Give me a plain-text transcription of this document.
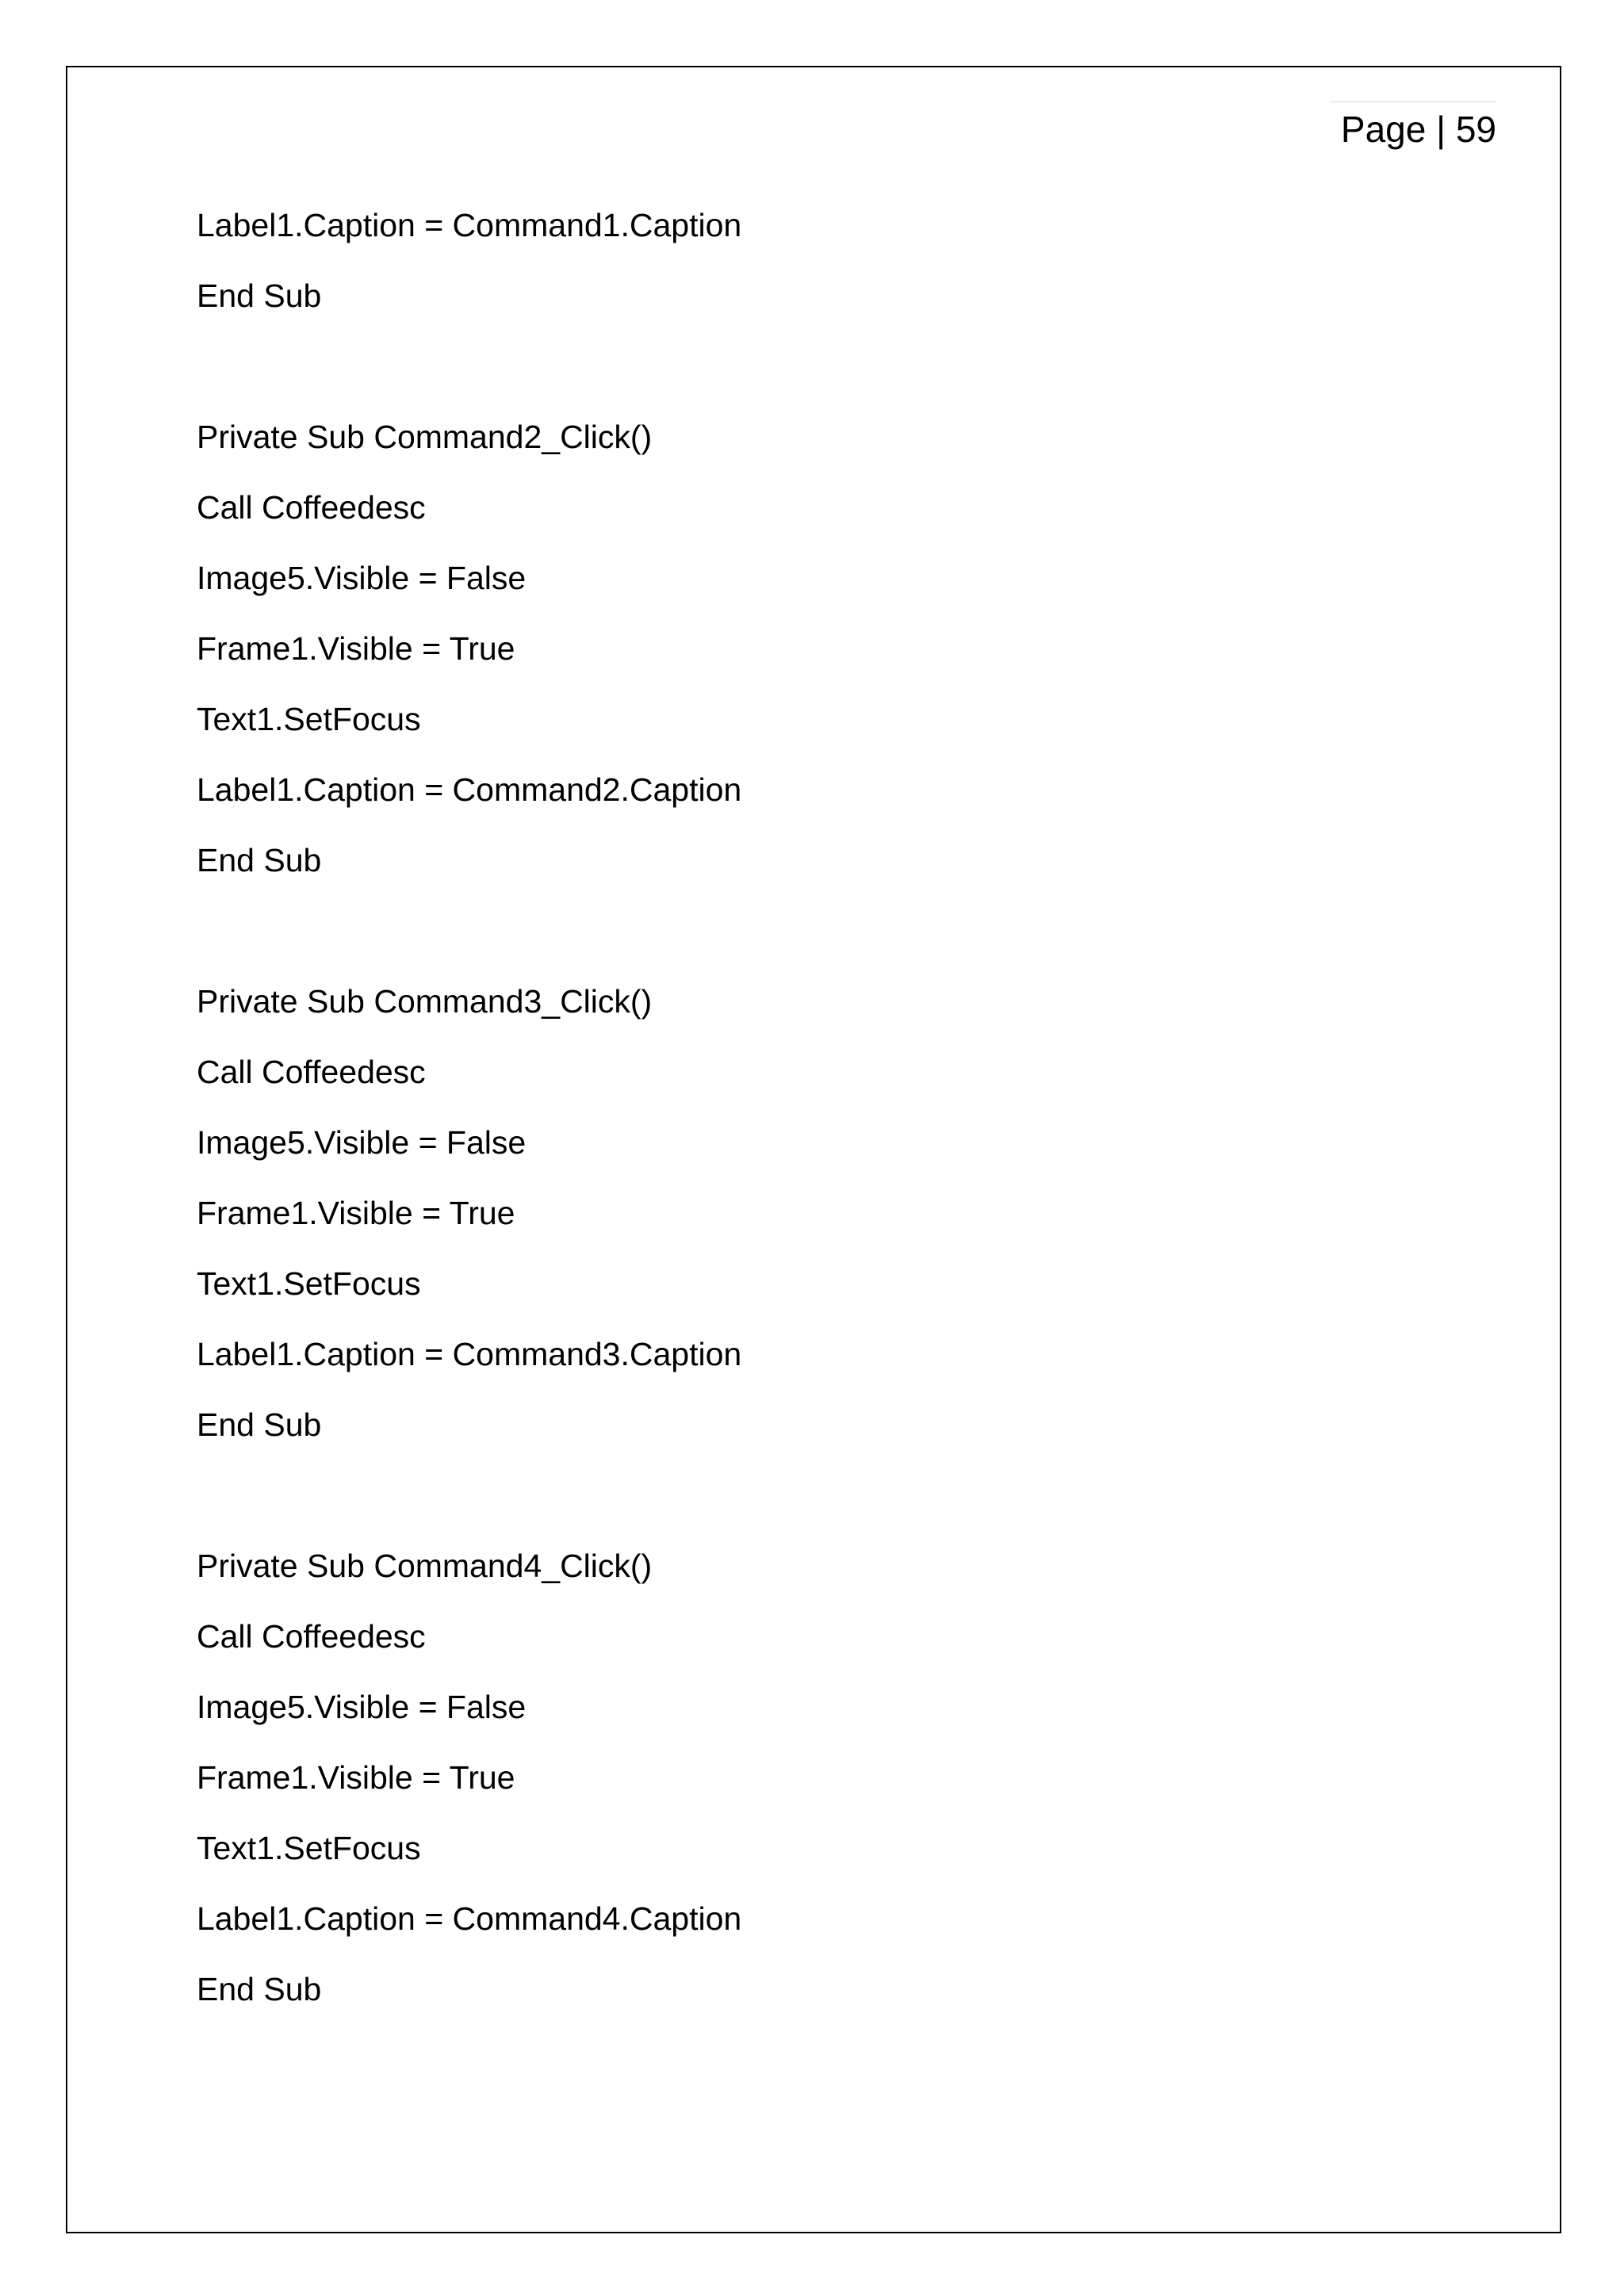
Page | 59
Label1.Caption = Command1.Caption
End Sub
Private Sub Command2_Click()
Call Coffeedesc
Image5.Visible = False
Frame1.Visible = True
Text1.SetFocus
Label1.Caption = Command2.Caption
End Sub
Private Sub Command3_Click()
Call Coffeedesc
Image5.Visible = False
Frame1.Visible = True
Text1.SetFocus
Label1.Caption = Command3.Caption
End Sub
Private Sub Command4_Click()
Call Coffeedesc
Image5.Visible = False
Frame1.Visible = True
Text1.SetFocus
Label1.Caption = Command4.Caption
End Sub
